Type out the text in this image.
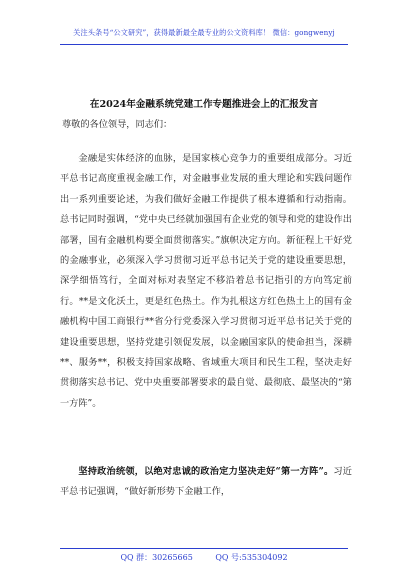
关注头条号“公文研究”，获得最新最全最专业的公文资料库！ 微信：gongwenyj
在2024年金融系统党建工作专题推进会上的汇报发言
尊敬的各位领导，同志们：

金融是实体经济的血脉，是国家核心竞争力的重要组成部分。习近平总书记高度重视金融工作，对金融事业发展的重大理论和实践问题作出一系列重要论述，为我们做好金融工作提供了根本遵循和行动指南。总书记同时强调，“党中央已经就加强国有企业党的领导和党的建设作出部署，国有金融机构要全面贯彻落实。”旗帜决定方向。新征程上干好党的金融事业，必须深入学习贯彻习近平总书记关于党的建设重要思想，深学细悟笃行，全面对标对表坚定不移沿着总书记指引的方向笃定前行。**是文化沃土，更是红色热土。作为扎根这方红色热土上的国有金融机构中国工商银行**省分行党委深入学习贯彻习近平总书记关于党的建设重要思想，坚持党建引领促发展，以金融国家队的使命担当，深耕**、服务**，积极支持国家战略、省域重大项目和民生工程，坚决走好贯彻落实总书记、党中央重要部署要求的最自觉、最彻底、最坚决的“第一方阵”。

坚持政治统领，以绝对忠诚的政治定力坚决走好“第一方阵”。习近平总书记强调，“做好新形势下金融工作，

QQ 群：30265665	QQ 号:535304092
